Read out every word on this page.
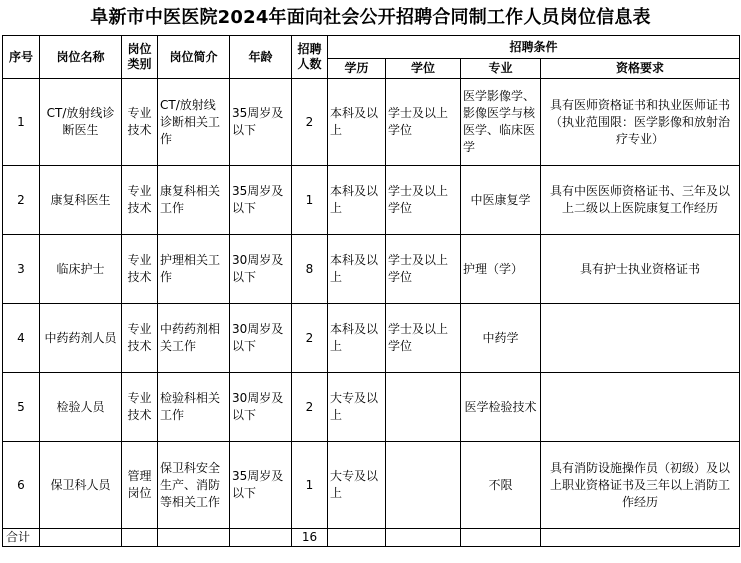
阜新市中医医院2024年面向社会公开招聘合同制工作人员岗位信息表
序号	岗位名称	岗位类别	岗位简介	年龄	招聘人数	招聘条件			
						学历	学位	专业	资格要求
1	CT/放射线诊断医生	专业技术	CT/放射线诊断相关工作	35周岁及以下	2	本科及以上	学士及以上学位	医学影像学、影像医学与核医学、临床医学	具有医师资格证书和执业医师证书（执业范围限：医学影像和放射治疗专业）
2	康复科医生	专业技术	康复科相关工作	35周岁及以下	1	本科及以上	学士及以上学位	中医康复学	具有中医医师资格证书、三年及以上二级以上医院康复工作经历
3	临床护士	专业技术	护理相关工作	30周岁及以下	8	本科及以上	学士及以上学位	护理（学）	具有护士执业资格证书
4	中药药剂人员	专业技术	中药药剂相关工作	30周岁及以下	2	本科及以上	学士及以上学位	中药学	
5	检验人员	专业技术	检验科相关工作	30周岁及以下	2	大专及以上		医学检验技术	
6	保卫科人员	管理岗位	保卫科安全生产、消防等相关工作	35周岁及以下	1	大专及以上		不限	具有消防设施操作员（初级）及以上职业资格证书及三年以上消防工作经历
合计					16				
